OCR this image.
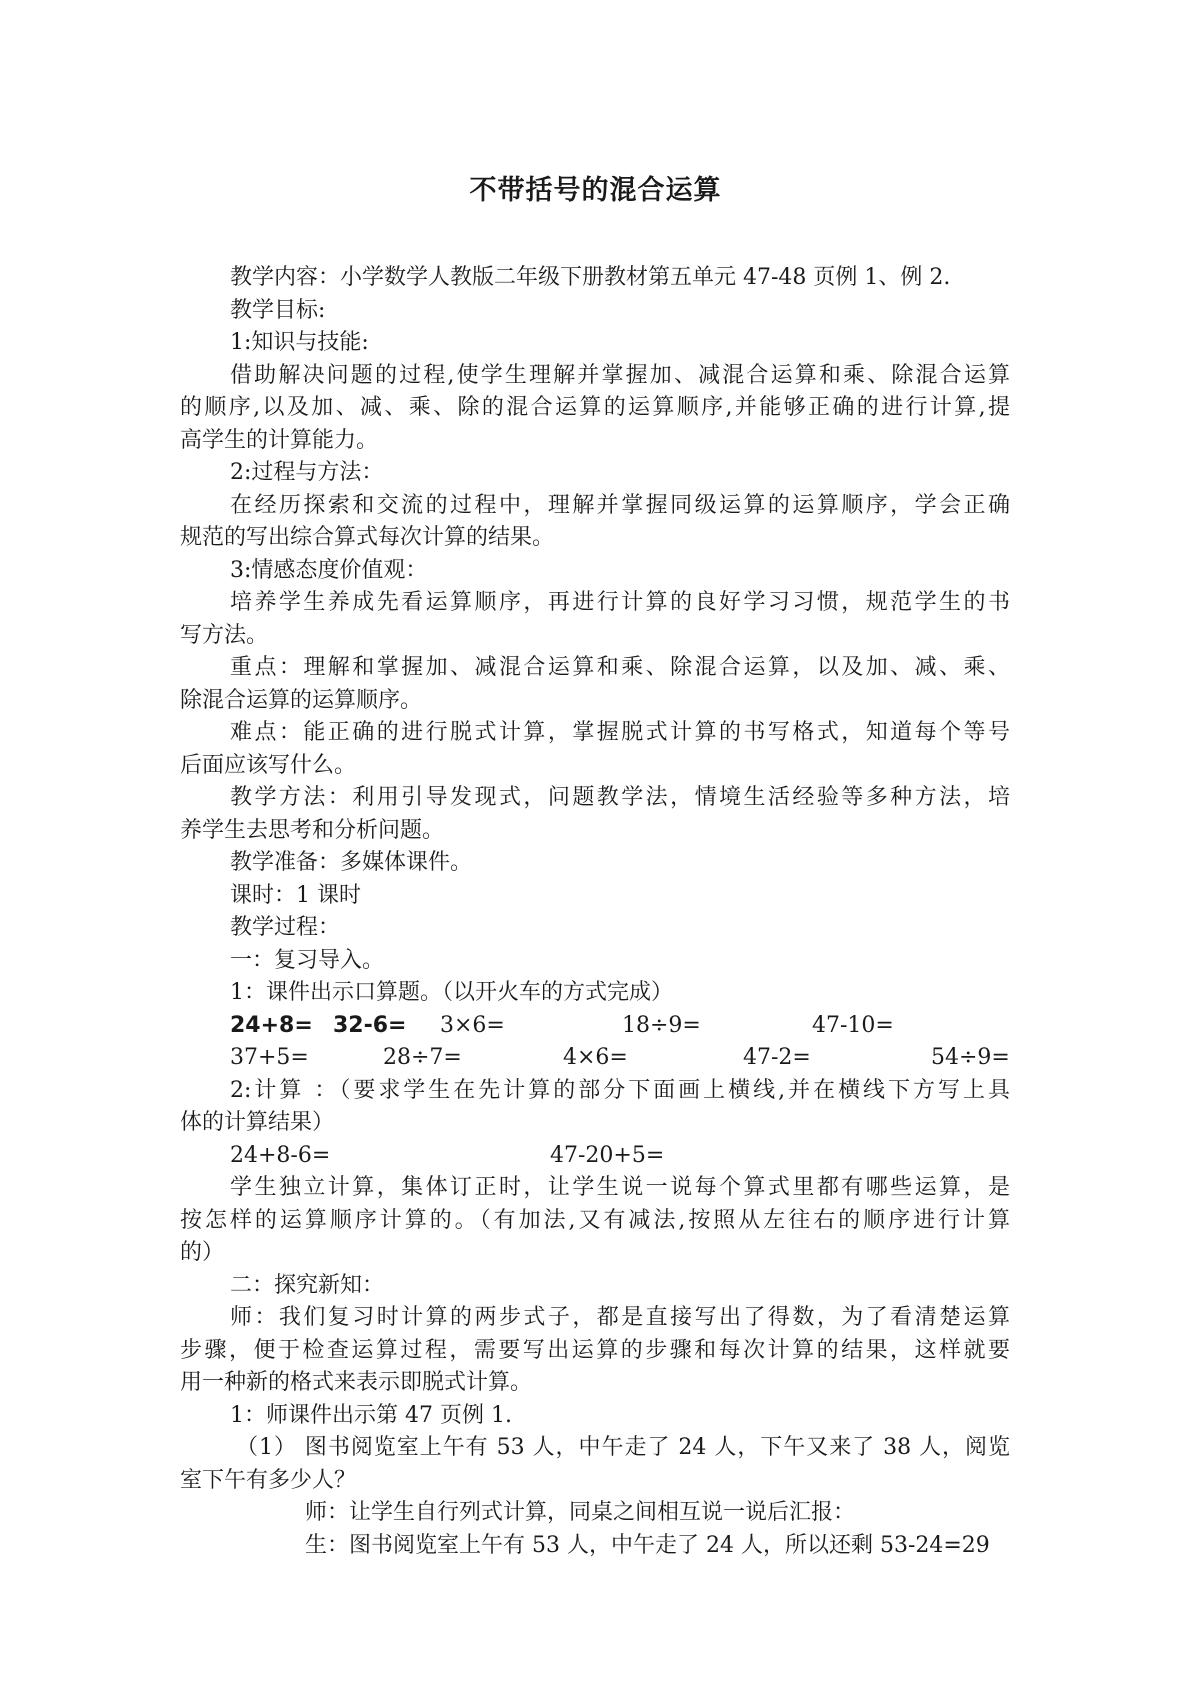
不带括号的混合运算
教学内容：小学数学人教版二年级下册教材第五单元 47-48 页例 1、例 2.
教学目标:
1:知识与技能:
借助解决问题的过程,使学生理解并掌握加、减混合运算和乘、除混合运算
的顺序,以及加、减、乘、除的混合运算的运算顺序,并能够正确的进行计算,提
高学生的计算能力。
2:过程与方法：
在经历探索和交流的过程中，理解并掌握同级运算的运算顺序，学会正确
规范的写出综合算式每次计算的结果。
3:情感态度价值观：
培养学生养成先看运算顺序，再进行计算的良好学习习惯，规范学生的书
写方法。
重点：理解和掌握加、减混合运算和乘、除混合运算，以及加、减、乘、
除混合运算的运算顺序。
难点：能正确的进行脱式计算，掌握脱式计算的书写格式，知道每个等号
后面应该写什么。
教学方法：利用引导发现式，问题教学法，情境生活经验等多种方法，培
养学生去思考和分析问题。
教学准备：多媒体课件。
课时：1 课时
教学过程：
一：复习导入。
1：课件出示口算题。（以开火车的方式完成）
24+8= 32-6= 3×6=	18÷9=	47-10=
37+5=	28÷7=	4×6=	47-2=	54÷9=
2:计算 ：（要求学生在先计算的部分下面画上横线,并在横线下方写上具
体的计算结果）
24+8-6=	47-20+5=
学生独立计算，集体订正时，让学生说一说每个算式里都有哪些运算，是
按怎样的运算顺序计算的。（有加法,又有减法,按照从左往右的顺序进行计算
的）
二：探究新知：
师：我们复习时计算的两步式子，都是直接写出了得数，为了看清楚运算
步骤，便于检查运算过程，需要写出运算的步骤和每次计算的结果，这样就要
用一种新的格式来表示即脱式计算。
1：师课件出示第 47 页例 1.
（1） 图书阅览室上午有 53 人，中午走了 24 人，下午又来了 38 人，阅览
室下午有多少人？
师：让学生自行列式计算，同桌之间相互说一说后汇报：
生：图书阅览室上午有 53 人，中午走了 24 人，所以还剩 53-24=29
